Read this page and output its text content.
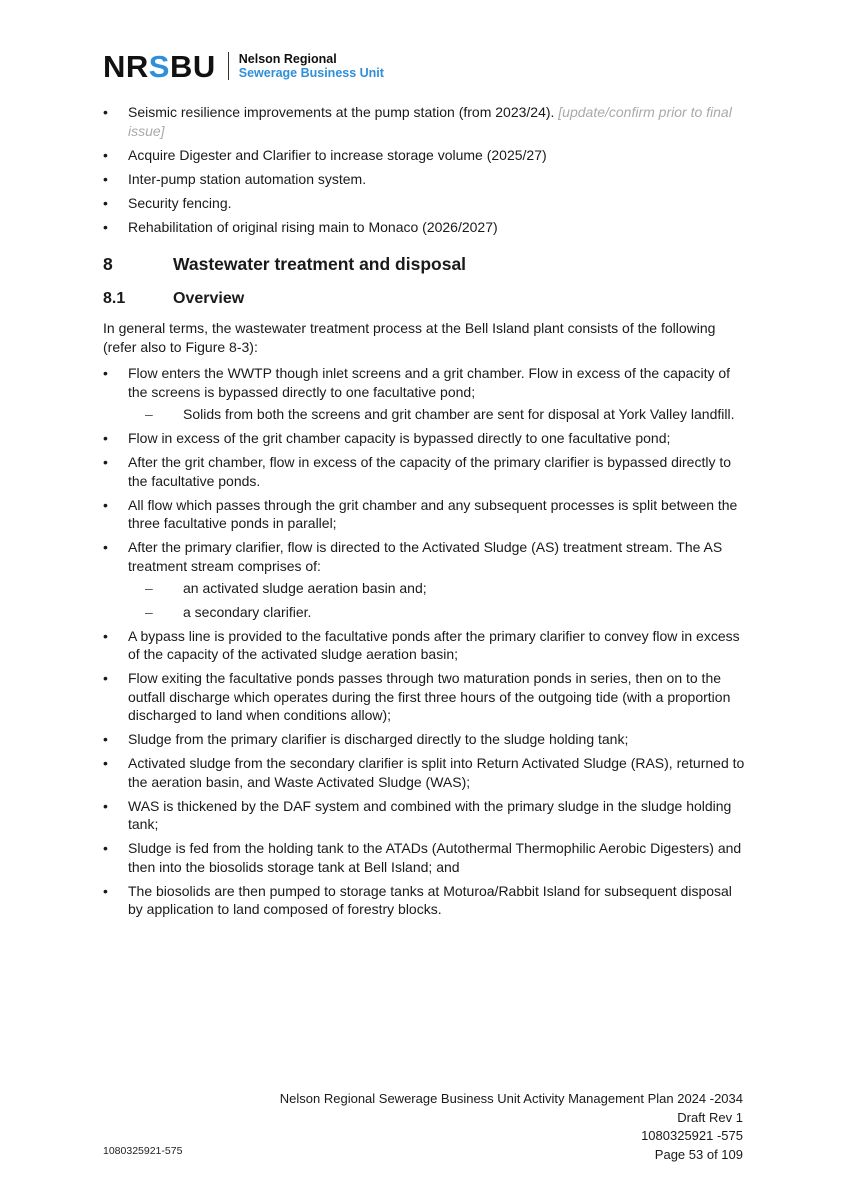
NRSBU Nelson Regional
Sewerage Business Unit
• Seismic resilience improvements at the pump station (from 2023/24). [update/confirm prior to final issue]
• Acquire Digester and Clarifier to increase storage volume (2025/27)
• Inter-pump station automation system.
• Security fencing.
• Rehabilitation of original rising main to Monaco (2026/2027)
8	Wastewater treatment and disposal
8.1	Overview

In general terms, the wastewater treatment process at the Bell Island plant consists of the following (refer also to Figure 8-3):

• Flow enters the WWTP though inlet screens and a grit chamber. Flow in excess of the capacity of the screens is bypassed directly to one facultative pond;
– Solids from both the screens and grit chamber are sent for disposal at York Valley landfill.
• Flow in excess of the grit chamber capacity is bypassed directly to one facultative pond;
• After the grit chamber, flow in excess of the capacity of the primary clarifier is bypassed directly to the facultative ponds.
• All flow which passes through the grit chamber and any subsequent processes is split between the three facultative ponds in parallel;
• After the primary clarifier, flow is directed to the Activated Sludge (AS) treatment stream. The AS treatment stream comprises of:
– an activated sludge aeration basin and;
– a secondary clarifier.
• A bypass line is provided to the facultative ponds after the primary clarifier to convey flow in excess of the capacity of the activated sludge aeration basin;
• Flow exiting the facultative ponds passes through two maturation ponds in series, then on to the outfall discharge which operates during the first three hours of the outgoing tide (with a proportion discharged to land when conditions allow);
• Sludge from the primary clarifier is discharged directly to the sludge holding tank;
• Activated sludge from the secondary clarifier is split into Return Activated Sludge (RAS), returned to the aeration basin, and Waste Activated Sludge (WAS);
• WAS is thickened by the DAF system and combined with the primary sludge in the sludge holding tank;
• Sludge is fed from the holding tank to the ATADs (Autothermal Thermophilic Aerobic Digesters) and then into the biosolids storage tank at Bell Island; and
• The biosolids are then pumped to storage tanks at Moturoa/Rabbit Island for subsequent disposal by application to land composed of forestry blocks.
1080325921-575
Nelson Regional Sewerage Business Unit Activity Management Plan 2024 -2034
Draft Rev 1
1080325921 -575
Page 53 of 109
